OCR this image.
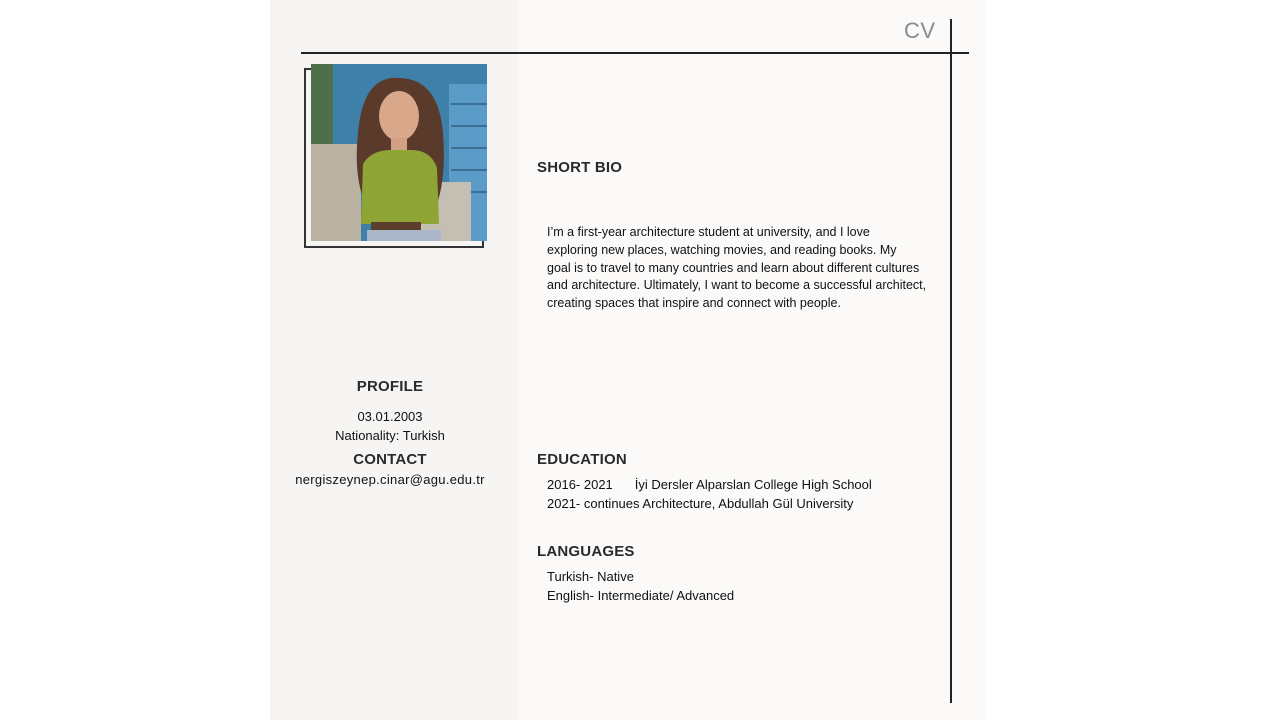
CV
SHORT BIO
I’m a first-year architecture student at university, and I love
exploring new places, watching movies, and reading books. My
goal is to travel to many countries and learn about different cultures
and architecture. Ultimately, I want to become a successful architect,
creating spaces that inspire and connect with people.
PROFILE
03.01.2003
Nationality: Turkish
CONTACT
nergiszeynep.cinar@agu.edu.tr
EDUCATION
2016- 2021 İyi Dersler Alparslan College High School
2021- continues Architecture, Abdullah Gül University
LANGUAGES
Turkish- Native
English- Intermediate/ Advanced
